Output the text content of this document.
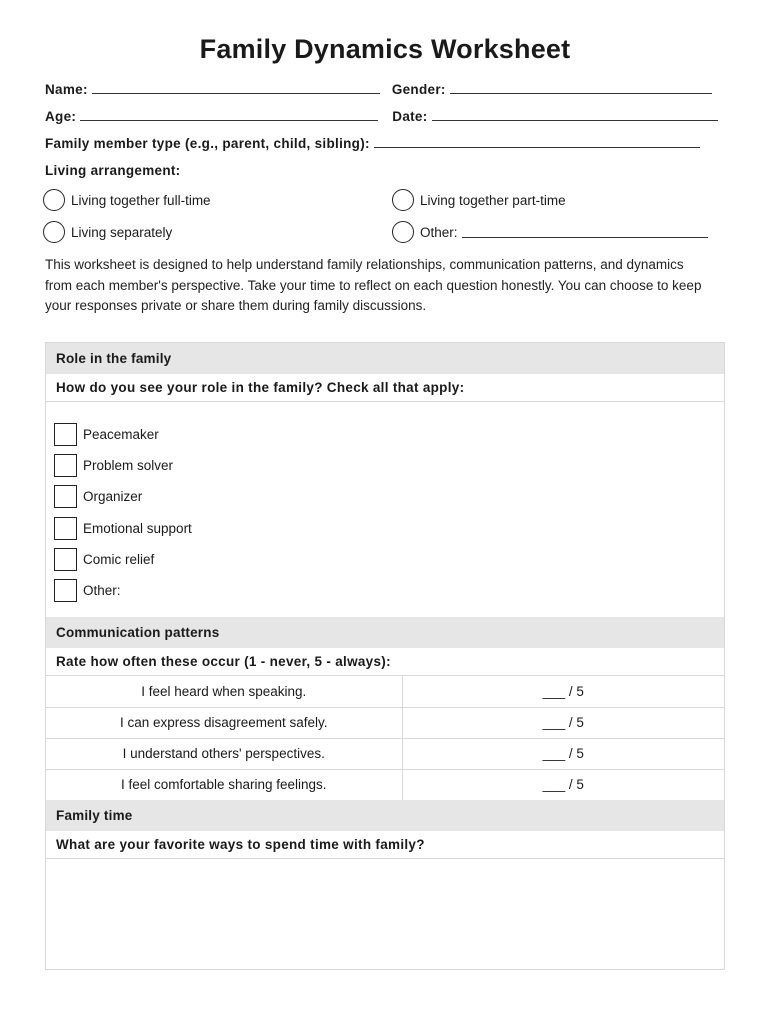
Family Dynamics Worksheet
Name:	Gender:
Age:	Date:
Family member type (e.g., parent, child, sibling):
Living arrangement:
Living together full-time	Living together part-time
Living separately	Other:

This worksheet is designed to help understand family relationships, communication patterns, and dynamics from each member's perspective. Take your time to reflect on each question honestly. You can choose to keep your responses private or share them during family discussions.

Role in the family
How do you see your role in the family? Check all that apply:
Peacemaker
Problem solver
Organizer
Emotional support
Comic relief
Other:
Communication patterns
Rate how often these occur (1 - never, 5 - always):
I feel heard when speaking.	___ / 5
I can express disagreement safely.	___ / 5
I understand others' perspectives.	___ / 5
I feel comfortable sharing feelings.	___ / 5
Family time
What are your favorite ways to spend time with family?
